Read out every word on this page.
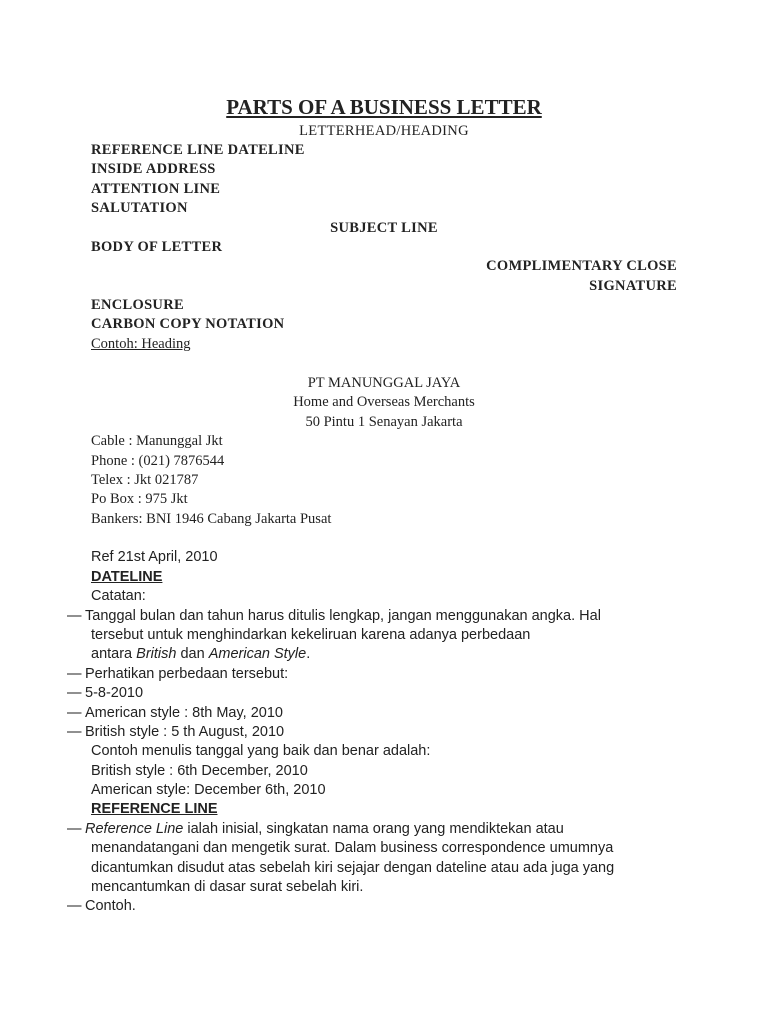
PARTS OF A BUSINESS LETTER
LETTERHEAD/HEADING
REFERENCE LINE DATELINE
INSIDE ADDRESS
ATTENTION LINE
SALUTATION
SUBJECT LINE
BODY OF LETTER
COMPLIMENTARY CLOSE
SIGNATURE
ENCLOSURE
CARBON COPY NOTATION
Contoh: Heading
PT MANUNGGAL JAYA
Home and Overseas Merchants
50 Pintu 1 Senayan Jakarta
Cable : Manunggal Jkt
Phone : (021) 7876544
Telex : Jkt 021787
Po Box : 975 Jkt
Bankers: BNI 1946 Cabang Jakarta Pusat
Ref 21st April, 2010
DATELINE
Catatan:
— Tanggal bulan dan tahun harus ditulis lengkap, jangan menggunakan angka. Hal
tersebut untuk menghindarkan kekeliruan karena adanya perbedaan
antara British dan American Style.
— Perhatikan perbedaan tersebut:
— 5-8-2010
— American style : 8th May, 2010
— British style : 5 th August, 2010
Contoh menulis tanggal yang baik dan benar adalah:
British style : 6th December, 2010
American style: December 6th, 2010
REFERENCE LINE
— Reference Line ialah inisial, singkatan nama orang yang mendiktekan atau
menandatangani dan mengetik surat. Dalam business correspondence umumnya
dicantumkan disudut atas sebelah kiri sejajar dengan dateline atau ada juga yang
mencantumkan di dasar surat sebelah kiri.
— Contoh.
